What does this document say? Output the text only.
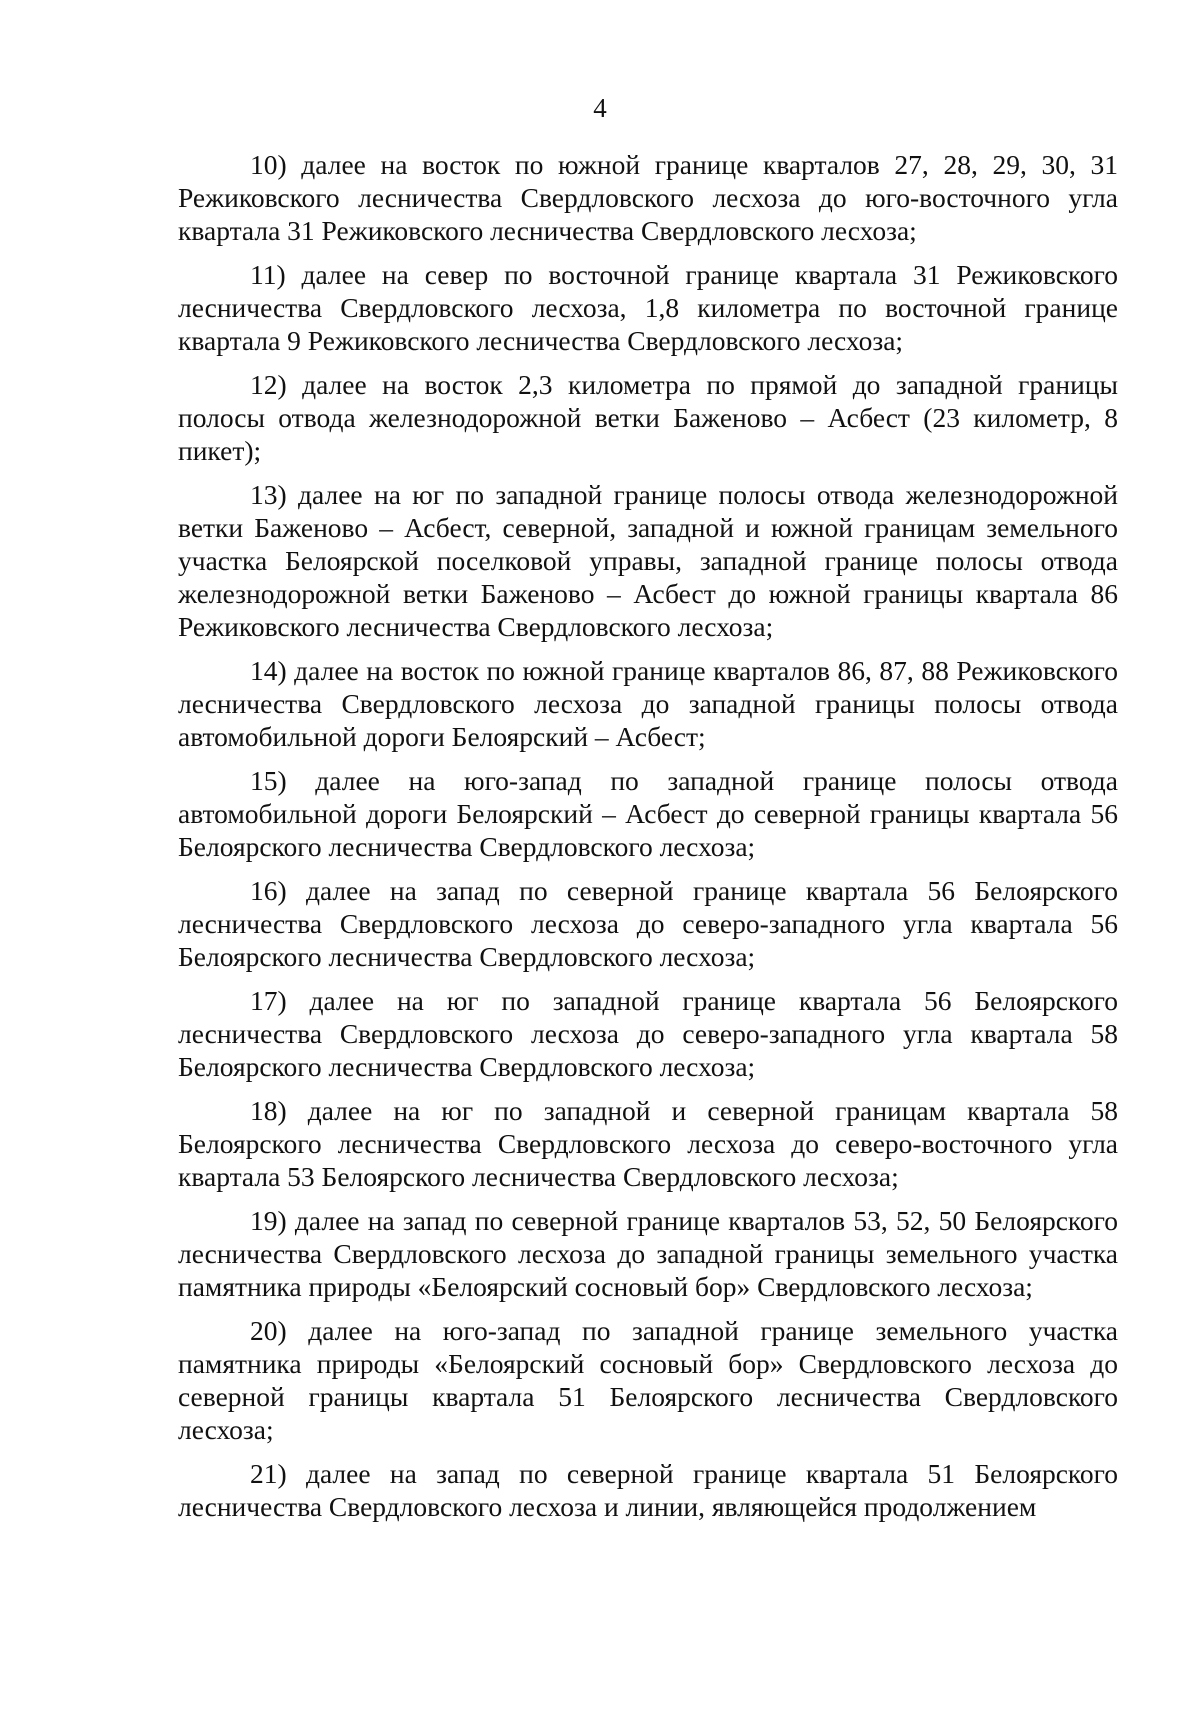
4

10) далее на восток по южной границе кварталов 27, 28, 29, 30, 31 Режиковского лесничества Свердловского лесхоза до юго-восточного угла квартала 31 Режиковского лесничества Свердловского лесхоза;

11) далее на север по восточной границе квартала 31 Режиковского лесничества Свердловского лесхоза, 1,8 километра по восточной границе квартала 9 Режиковского лесничества Свердловского лесхоза;

12) далее на восток 2,3 километра по прямой до западной границы полосы отвода железнодорожной ветки Баженово – Асбест (23 километр, 8 пикет);

13) далее на юг по западной границе полосы отвода железнодорожной ветки Баженово – Асбест, северной, западной и южной границам земельного участка Белоярской поселковой управы, западной границе полосы отвода железнодорожной ветки Баженово – Асбест до южной границы квартала 86 Режиковского лесничества Свердловского лесхоза;

14) далее на восток по южной границе кварталов 86, 87, 88 Режиковского лесничества Свердловского лесхоза до западной границы полосы отвода автомобильной дороги Белоярский – Асбест;

15) далее на юго-запад по западной границе полосы отвода автомобильной дороги Белоярский – Асбест до северной границы квартала 56 Белоярского лесничества Свердловского лесхоза;

16) далее на запад по северной границе квартала 56 Белоярского лесничества Свердловского лесхоза до северо-западного угла квартала 56 Белоярского лесничества Свердловского лесхоза;

17) далее на юг по западной границе квартала 56 Белоярского лесничества Свердловского лесхоза до северо-западного угла квартала 58 Белоярского лесничества Свердловского лесхоза;

18) далее на юг по западной и северной границам квартала 58 Белоярского лесничества Свердловского лесхоза до северо-восточного угла квартала 53 Белоярского лесничества Свердловского лесхоза;

19) далее на запад по северной границе кварталов 53, 52, 50 Белоярского лесничества Свердловского лесхоза до западной границы земельного участка памятника природы «Белоярский сосновый бор» Свердловского лесхоза;

20) далее на юго-запад по западной границе земельного участка памятника природы «Белоярский сосновый бор» Свердловского лесхоза до северной границы квартала 51 Белоярского лесничества Свердловского лесхоза;

21) далее на запад по северной границе квартала 51 Белоярского лесничества Свердловского лесхоза и линии, являющейся продолжением
